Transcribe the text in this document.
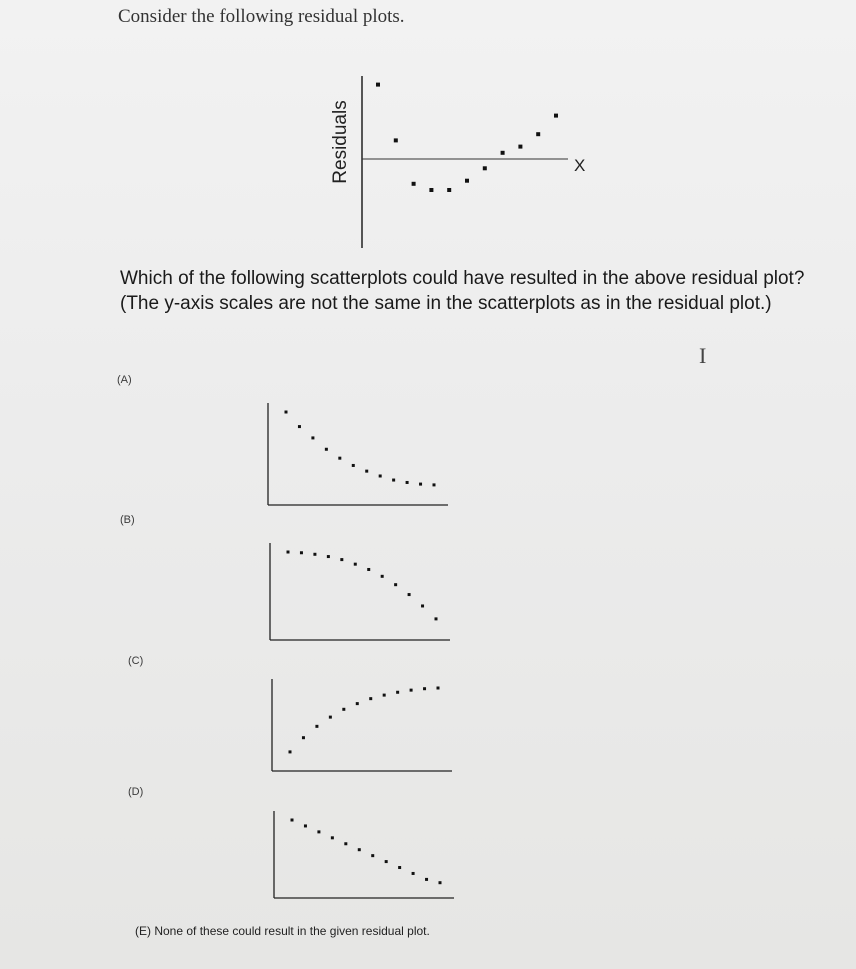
Consider the following residual plots.

Residuals	X

Which of the following scatterplots could have resulted in the above residual plot? (The y-axis scales are not the same in the scatterplots as in the residual plot.)

I
(A)
(B)
(C)
(D)
(E) None of these could result in the given residual plot.
